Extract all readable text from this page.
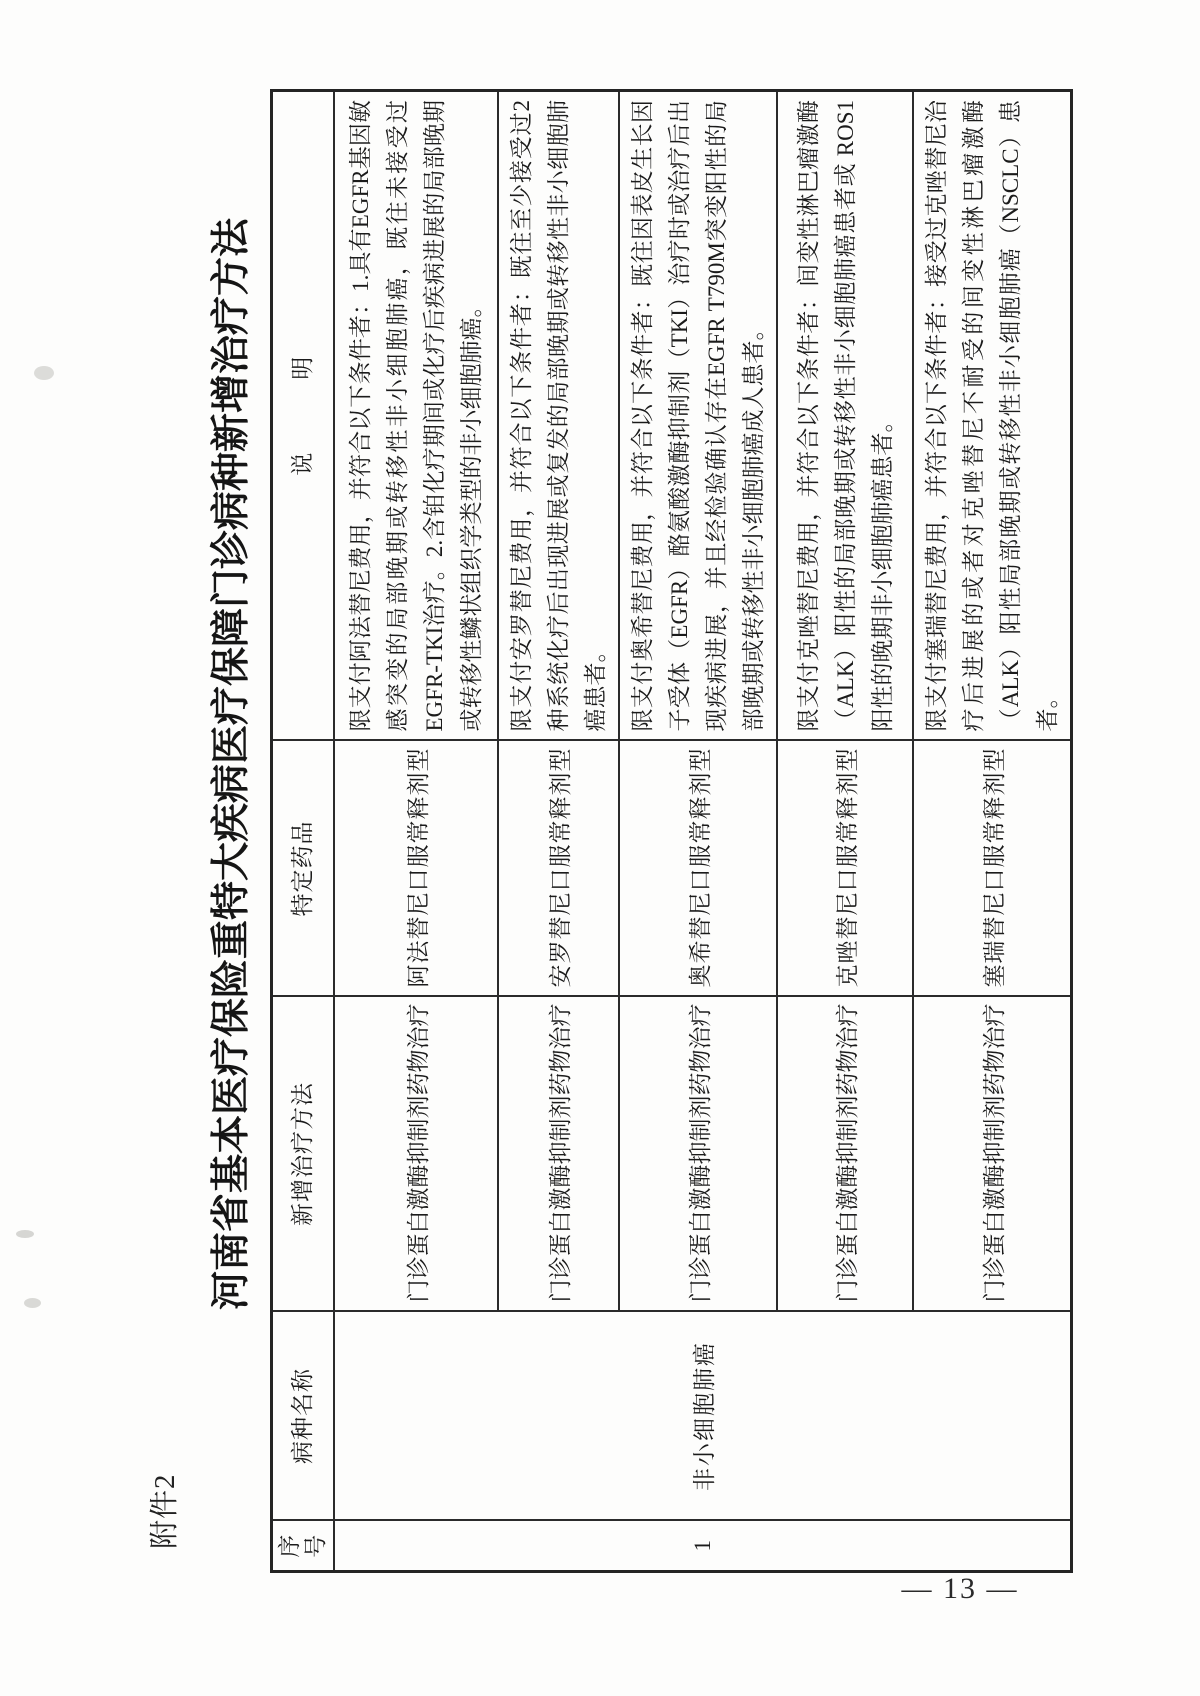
附件2
河南省基本医疗保险重特大疾病医疗保障门诊病种新增治疗方法
序号	病种名称	新增治疗方法	特定药品	说　　　明
1	非小细胞肺癌	门诊蛋白激酶抑制剂药物治疗	阿法替尼口服常释剂型	限支付阿法替尼费用，并符合以下条件者：1.具有EGFR基因敏感突变的局部晚期或转移性非小细胞肺癌，既往未接受过EGFR-TKI治疗。2.含铂化疗期间或化疗后疾病进展的局部晚期或转移性鳞状组织学类型的非小细胞肺癌。
		门诊蛋白激酶抑制剂药物治疗	安罗替尼口服常释剂型	限支付安罗替尼费用，并符合以下条件者：既往至少接受过2种系统化疗后出现进展或复发的局部晚期或转移性非小细胞肺癌患者。
		门诊蛋白激酶抑制剂药物治疗	奥希替尼口服常释剂型	限支付奥希替尼费用，并符合以下条件者：既往因表皮生长因子受体（EGFR）酪氨酸激酶抑制剂（TKI）治疗时或治疗后出现疾病进展，并且经检验确认存在EGFR T790M突变阳性的局部晚期或转移性非小细胞肺癌成人患者。
		门诊蛋白激酶抑制剂药物治疗	克唑替尼口服常释剂型	限支付克唑替尼费用，并符合以下条件者：间变性淋巴瘤激酶（ALK）阳性的局部晚期或转移性非小细胞肺癌患者或 ROS1阳性的晚期非小细胞肺癌患者。
		门诊蛋白激酶抑制剂药物治疗	塞瑞替尼口服常释剂型	限支付塞瑞替尼费用，并符合以下条件者：接受过克唑替尼治疗后进展的或者对克唑替尼不耐受的间变性淋巴瘤激酶（ALK）阳性局部晚期或转移性非小细胞肺癌（NSCLC）患者。
— 13 —
